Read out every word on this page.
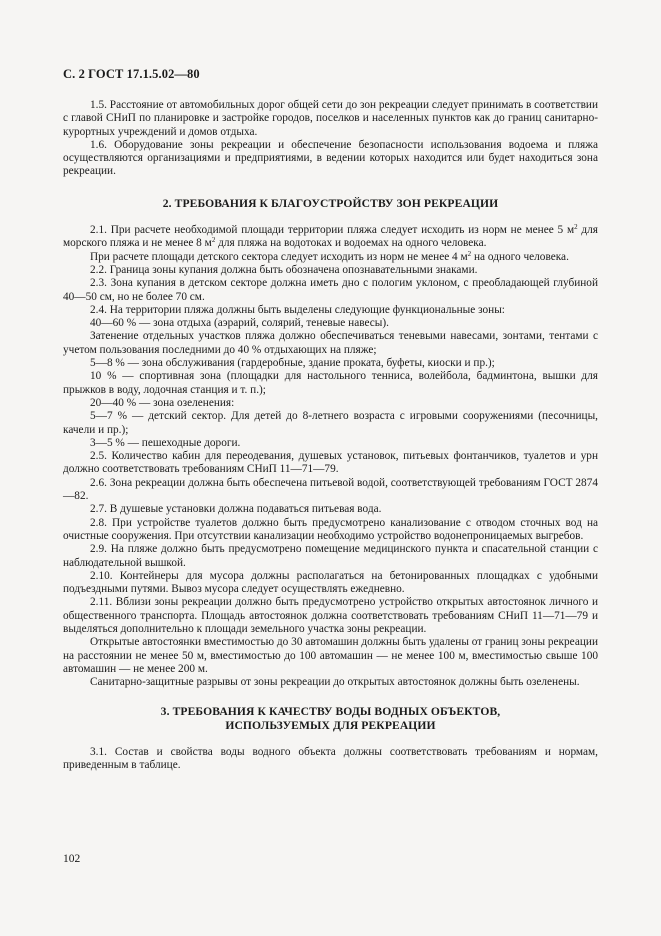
С. 2 ГОСТ 17.1.5.02—80

1.5. Расстояние от автомобильных дорог общей сети до зон рекреации следует принимать в соответствии с главой СНиП по планировке и застройке городов, поселков и населенных пунктов как до границ санитарно-курортных учреждений и домов отдыха.

1.6. Оборудование зоны рекреации и обеспечение безопасности использования водоема и пляжа осуществляются организациями и предприятиями, в ведении которых находится или будет находиться зона рекреации.

2. ТРЕБОВАНИЯ К БЛАГОУСТРОЙСТВУ ЗОН РЕКРЕАЦИИ

2.1. При расчете необходимой площади территории пляжа следует исходить из норм не менее 5 $м^2$ для морского пляжа и не менее 8 $м^2$ для пляжа на водотоках и водоемах на одного человека.

При расчете площади детского сектора следует исходить из норм не менее 4 $м^2$ на одного человека.

2.2. Граница зоны купания должна быть обозначена опознавательными знаками.

2.3. Зона купания в детском секторе должна иметь дно с пологим уклоном, с преобладающей глубиной 40—50 см, но не более 70 см.

2.4. На территории пляжа должны быть выделены следующие функциональные зоны:

40—60 % — зона отдыха (аэрарий, солярий, теневые навесы).

Затенение отдельных участков пляжа должно обеспечиваться теневыми навесами, зонтами, тентами с учетом пользования последними до 40 % отдыхающих на пляже;

5—8 % — зона обслуживания (гардеробные, здание проката, буфеты, киоски и пр.);

10 % — спортивная зона (площадки для настольного тенниса, волейбола, бадминтона, вышки для прыжков в воду, лодочная станция и т. п.);

20—40 % — зона озеленения:

5—7 % — детский сектор. Для детей до 8-летнего возраста с игровыми сооружениями (песочницы, качели и пр.);

3—5 % — пешеходные дороги.

2.5. Количество кабин для переодевания, душевых установок, питьевых фонтанчиков, туалетов и урн должно соответствовать требованиям СНиП 11—71—79.

2.6. Зона рекреации должна быть обеспечена питьевой водой, соответствующей требованиям ГОСТ 2874—82.

2.7. В душевые установки должна подаваться питьевая вода.

2.8. При устройстве туалетов должно быть предусмотрено канализование с отводом сточных вод на очистные сооружения. При отсутствии канализации необходимо устройство водонепроницаемых выгребов.

2.9. На пляже должно быть предусмотрено помещение медицинского пункта и спасательной станции с наблюдательной вышкой.

2.10. Контейнеры для мусора должны располагаться на бетонированных площадках с удобными подъездными путями. Вывоз мусора следует осуществлять ежедневно.

2.11. Вблизи зоны рекреации должно быть предусмотрено устройство открытых автостоянок личного и общественного транспорта. Площадь автостоянок должна соответствовать требованиям СНиП 11—71—79 и выделяться дополнительно к площади земельного участка зоны рекреации.

Открытые автостоянки вместимостью до 30 автомашин должны быть удалены от границ зоны рекреации на расстоянии не менее 50 м, вместимостью до 100 автомашин — не менее 100 м, вместимостью свыше 100 автомашин — не менее 200 м.

Санитарно-защитные разрывы от зоны рекреации до открытых автостоянок должны быть озеленены.

3. ТРЕБОВАНИЯ К КАЧЕСТВУ ВОДЫ ВОДНЫХ ОБЪЕКТОВ,

ИСПОЛЬЗУЕМЫХ ДЛЯ РЕКРЕАЦИИ

3.1. Состав и свойства воды водного объекта должны соответствовать требованиям и нормам, приведенным в таблице.

102
